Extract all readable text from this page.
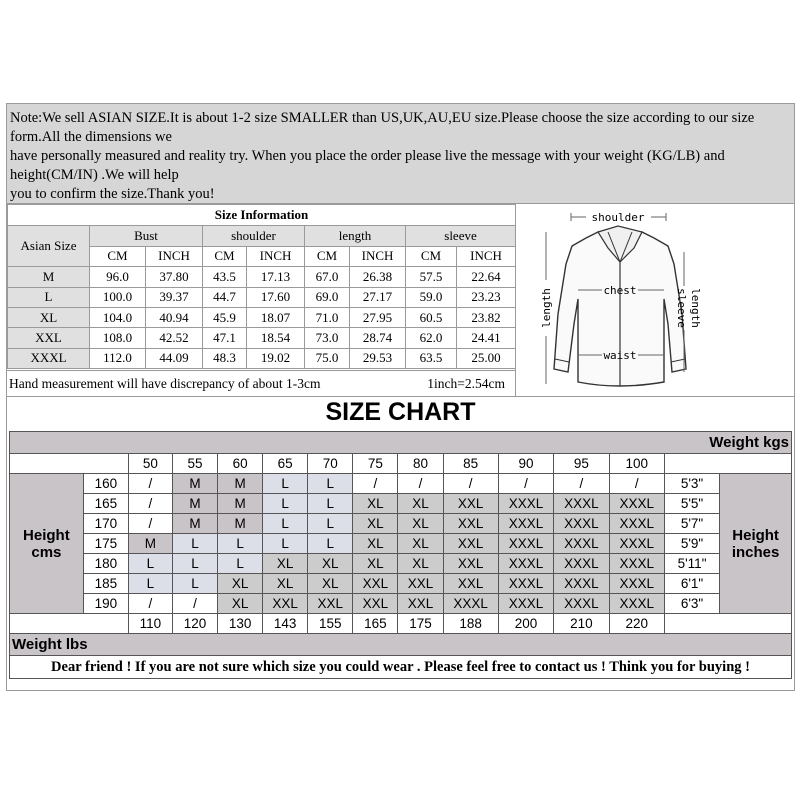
Note:We sell ASIAN SIZE.It is about 1-2 size SMALLER than US,UK,AU,EU size.Please choose the size according to our size
form.All the dimensions we
have personally measured and reality try. When you place the order please live the message with your weight (KG/LB) and
height(CM/IN) .We will help
you to confirm the size.Thank you!
Size Information								
Asian Size	Bust		shoulder		length		sleeve	
	CM	INCH	CM	INCH	CM	INCH	CM	INCH
M	96.0	37.80	43.5	17.13	67.0	26.38	57.5	22.64
L	100.0	39.37	44.7	17.60	69.0	27.17	59.0	23.23
XL	104.0	40.94	45.9	18.07	71.0	27.95	60.5	23.82
XXL	108.0	42.52	47.1	18.54	73.0	28.74	62.0	24.41
XXXL	112.0	44.09	48.3	19.02	75.0	29.53	63.5	25.00
Hand measurement will have discrepancy of about 1-3cm	1inch=2.54cm
shoulder
chest
waist
length	sleeve length
SIZE CHART
Weight kgs														
		50	55	60	65	70	75	80	85	90	95	100		
Height
cms	160	/	M	M	L	L	/	/	/	/	/	/	5'3"	Height
inches
	165	/	M	M	L	L	XL	XL	XXL	XXXL	XXXL	XXXL	5'5"	
	170	/	M	M	L	L	XL	XL	XXL	XXXL	XXXL	XXXL	5'7"	
	175	M	L	L	L	L	XL	XL	XXL	XXXL	XXXL	XXXL	5'9"	
	180	L	L	L	XL	XL	XL	XL	XXL	XXXL	XXXL	XXXL	5'11"	
	185	L	L	XL	XL	XL	XXL	XXL	XXL	XXXL	XXXL	XXXL	6'1"	
	190	/	/	XL	XXL	XXL	XXL	XXL	XXXL	XXXL	XXXL	XXXL	6'3"	
		110	120	130	143	155	165	175	188	200	210	220		
Weight lbs														
Dear friend ! If you are not sure which size you could wear . Please feel free to contact us ! Think you for buying !														
